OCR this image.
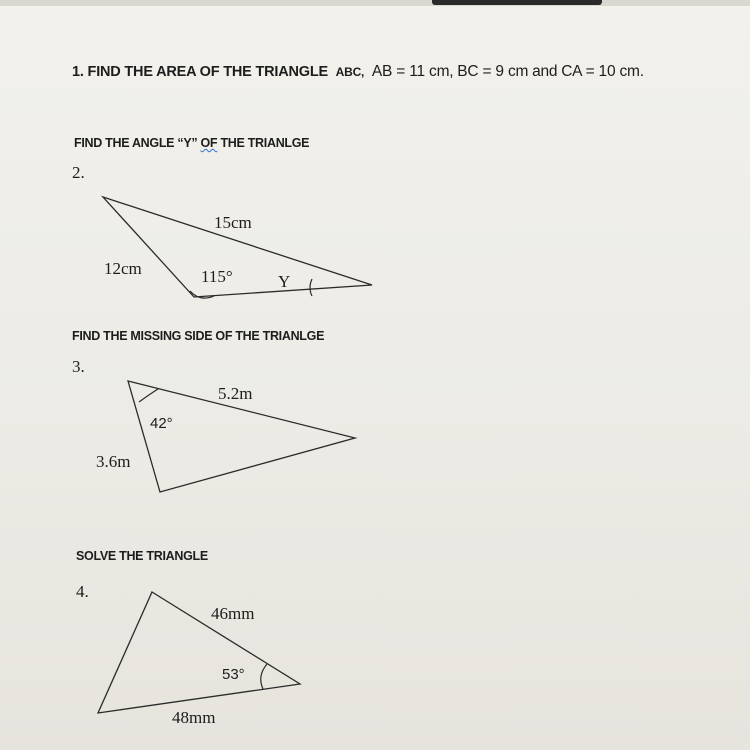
1. FIND THE AREA OF THE TRIANGLE ABC, AB = 11 cm, BC = 9 cm and CA = 10 cm.
FIND THE ANGLE “Y” OF THE TRIANLGE
2.
15cm
12cm	115°	Y
FIND THE MISSING SIDE OF THE TRIANLGE
3.
5.2m
3.6m
42°
SOLVE THE TRIANGLE
4.
46mm
48mm
53°
